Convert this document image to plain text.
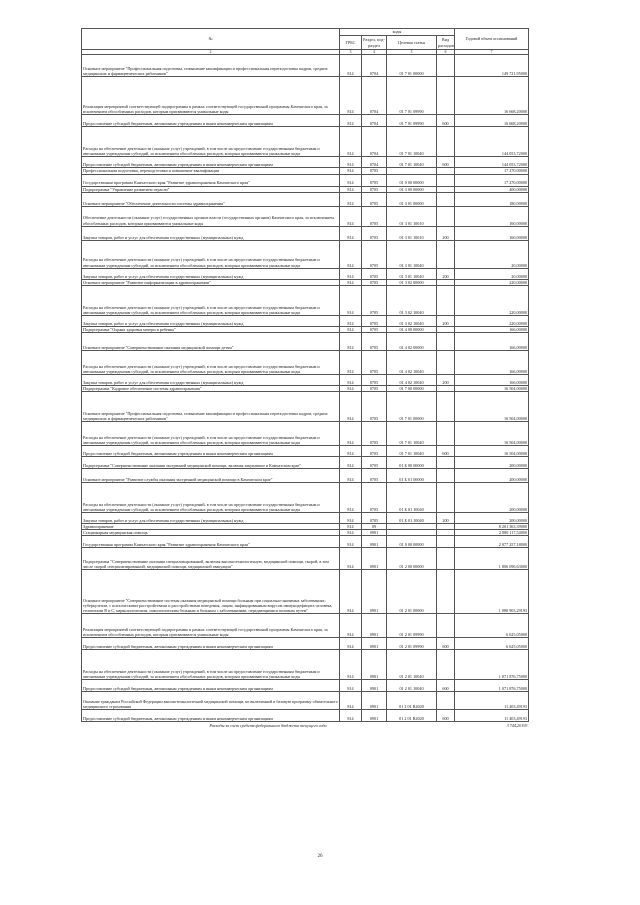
№	коды				Годовой объем ассигнований
	ГРБС	Раздел, под-раздел	Целевая статья	Вид расходов	
2	3	4	5	6	7
Основное мероприятие "Профессиональная подготовка, повышение квалификации и профессиональная переподготовка кадров, средних медицинских и фармацевтических работников"	814	0704	01 7 01 00000		149 721,95000
Реализация мероприятий соответствующей подпрограммы в рамках соответствующей государственной программы Камчатского края, за исключением обособленных расходов, которым присваиваются уникальные коды	814	0704	01 7 01 09990		16 668,20000
Предоставление субсидий бюджетным, автономным учреждениям и иным некоммерческим организациям	814	0704	01 7 01 09990	600	16 668,20000
Расходы на обеспечение деятельности (оказание услуг) учреждений, в том числе на предоставление государственным бюджетным и автономным учреждениям субсидий, за исключением обособленных расходов, которым присваиваются уникальные коды	814	0704	01 7 01 10040		144 053,72000
Предоставление субсидий бюджетным, автономным учреждениям и иным некоммерческим организациям	814	0704	01 7 01 10040	600	144 053,72000
Профессиональная подготовка, переподготовка и повышение квалификации	814	0705			17 270,00000
Государственная программа Камчатского края "Развитие здравоохранения Камчатского края"	814	0705	01 0 00 00000		17 270,00000
Подпрограмма "Управление развитием отрасли"	814	0705	01 3 00 00000		400,00000
Основное мероприятие "Обеспечение деятельности системы здравоохранения"	814	0705	01 3 01 00000		180,00000
Обеспечение деятельности (оказание услуг) государственных органов власти (государственных органов) Камчатского края, за исключением обособленных расходов, которым присваиваются уникальные коды	814	0705	01 3 01 10010		160,00000
Закупка товаров, работ и услуг для обеспечения государственных (муниципальных) нужд	814	0705	01 3 01 10010	200	160,00000
Расходы на обеспечение деятельности (оказание услуг) учреждений, в том числе на предоставление государственным бюджетным и автономным учреждениям субсидий, за исключением обособленных расходов, которым присваиваются уникальные коды	814	0705	01 3 01 10040		20,00000
Закупка товаров, работ и услуг для обеспечения государственных (муниципальных) нужд	814	0705	01 3 01 10040	200	20,00000
Основное мероприятие "Развитие информатизации в здравоохранении"	814	0705	01 3 02 00000		220,00000
Расходы на обеспечение деятельности (оказание услуг) учреждений, в том числе на предоставление государственным бюджетным и автономным учреждениям субсидий, за исключением обособленных расходов, которым присваиваются уникальные коды	814	0705	01 3 02 10040		220,00000
Закупка товаров, работ и услуг для обеспечения государственных (муниципальных) нужд	814	0705	01 3 02 10040	200	220,00000
Подпрограмма "Охрана здоровья матери и ребенка"	814	0705	01 4 00 00000		166,00000
Основное мероприятие "Совершенствование оказания медицинской помощи детям"	814	0705	01 4 02 00000		166,00000
Расходы на обеспечение деятельности (оказание услуг) учреждений, в том числе на предоставление государственным бюджетным и автономным учреждениям субсидий, за исключением обособленных расходов, которым присваиваются уникальные коды	814	0705	01 4 02 10040		166,00000
Закупка товаров, работ и услуг для обеспечения государственных (муниципальных) нужд	814	0705	01 4 02 10040	200	166,00000
Подпрограмма "Кадровое обеспечение системы здравоохранения"	814	0705	01 7 00 00000		16 504,00000
Основное мероприятие "Профессиональная подготовка, повышение квалификации и профессиональная переподготовка кадров, средних медицинских и фармацевтических работников"	814	0705	01 7 01 00000		16 504,00000
Расходы на обеспечение деятельности (оказание услуг) учреждений, в том числе на предоставление государственным бюджетным и автономным учреждениям субсидий, за исключением обособленных расходов, которым присваиваются уникальные коды	814	0705	01 7 01 10040		16 504,00000
Предоставление субсидий бюджетным, автономным учреждениям и иным некоммерческим организациям	814	0705	01 7 01 10040	600	16 504,00000
Подпрограмма "Совершенствование оказания экстренной медицинской помощи, включая закупавшее в Камчатском крае"	814	0705	01 Б 00 00000		200,00000
Основное мероприятие "Развитие службы оказания экстренной медицинской помощи в Камчатском крае"	814	0705	01 Б 01 00000		200,00000
Расходы на обеспечение деятельности (оказание услуг) учреждений, в том числе на предоставление государственным бюджетным и автономным учреждениям субсидий, за исключением обособленных расходов, которым присваиваются уникальные коды	814	0705	01 Б 01 10040		200,00000
Закупка товаров, работ и услуг для обеспечения государственных (муниципальных) нужд	814	0705	01 Б 01 10040	200	200,00000
Здравоохранение	814	09			8 201 363,39000
Стационарная медицинская помощь	814	0901			2 080 117,54000
Государственная программа Камчатского края "Развитие здравоохранения Камчатского края"	814	0901	01 0 00 00000		2 077 257,18000
Подпрограмма "Совершенствование оказания специализированной, включая высокотехнологичную, медицинской помощи, скорой, в том числе скорой специализированной, медицинской помощи, медицинской эвакуации"	814	0901	01 2 00 00000		1 806 096,63000
Основное мероприятие "Совершенствование системы оказания медицинской помощи больным при социально-значимых заболеваниях: туберкулезом, с психическими расстройствами и расстройствами поведения, лицам, инфицированным вирусом иммунодефицита человека, гепатитами B и C, наркологическим, онкологическим больным и больным с заболеваниями, передающимися половым путем"	814	0901	01 2 01 00000		1 080 903,29193
Реализация мероприятий соответствующей подпрограммы в рамках соответствующей государственной программы Камчатского края, за исключением обособленных расходов, которым присваиваются уникальные коды	814	0901	01 2 01 09990		6 625,05000
Предоставление субсидий бюджетным, автономным учреждениям и иным некоммерческим организациям	814	0901	01 2 01 09990	600	6 625,05000
Расходы на обеспечение деятельности (оказание услуг) учреждений, в том числе на предоставление государственным бюджетным и автономным учреждениям субсидий, за исключением обособленных расходов, которым присваиваются уникальные коды	814	0901	01 2 01 10040		1 071 876,75000
Предоставление субсидий бюджетным, автономным учреждениям и иным некоммерческим организациям	814	0901	01 2 01 10040	600	1 071 876,75000
Оказание гражданам Российской Федерации высокотехнологичной медицинской помощи, не включенной в базовую программу обязательного медицинского страхования	814	0901	01 2 01 R4020		11 403,49193
Предоставление субсидий бюджетным, автономным учреждениям и иным некоммерческим организациям	814	0901	01 2 01 R4020	600	11 403,49193
Расходы за счет средств федерального бюджета текущего года					3 744,20193
26
